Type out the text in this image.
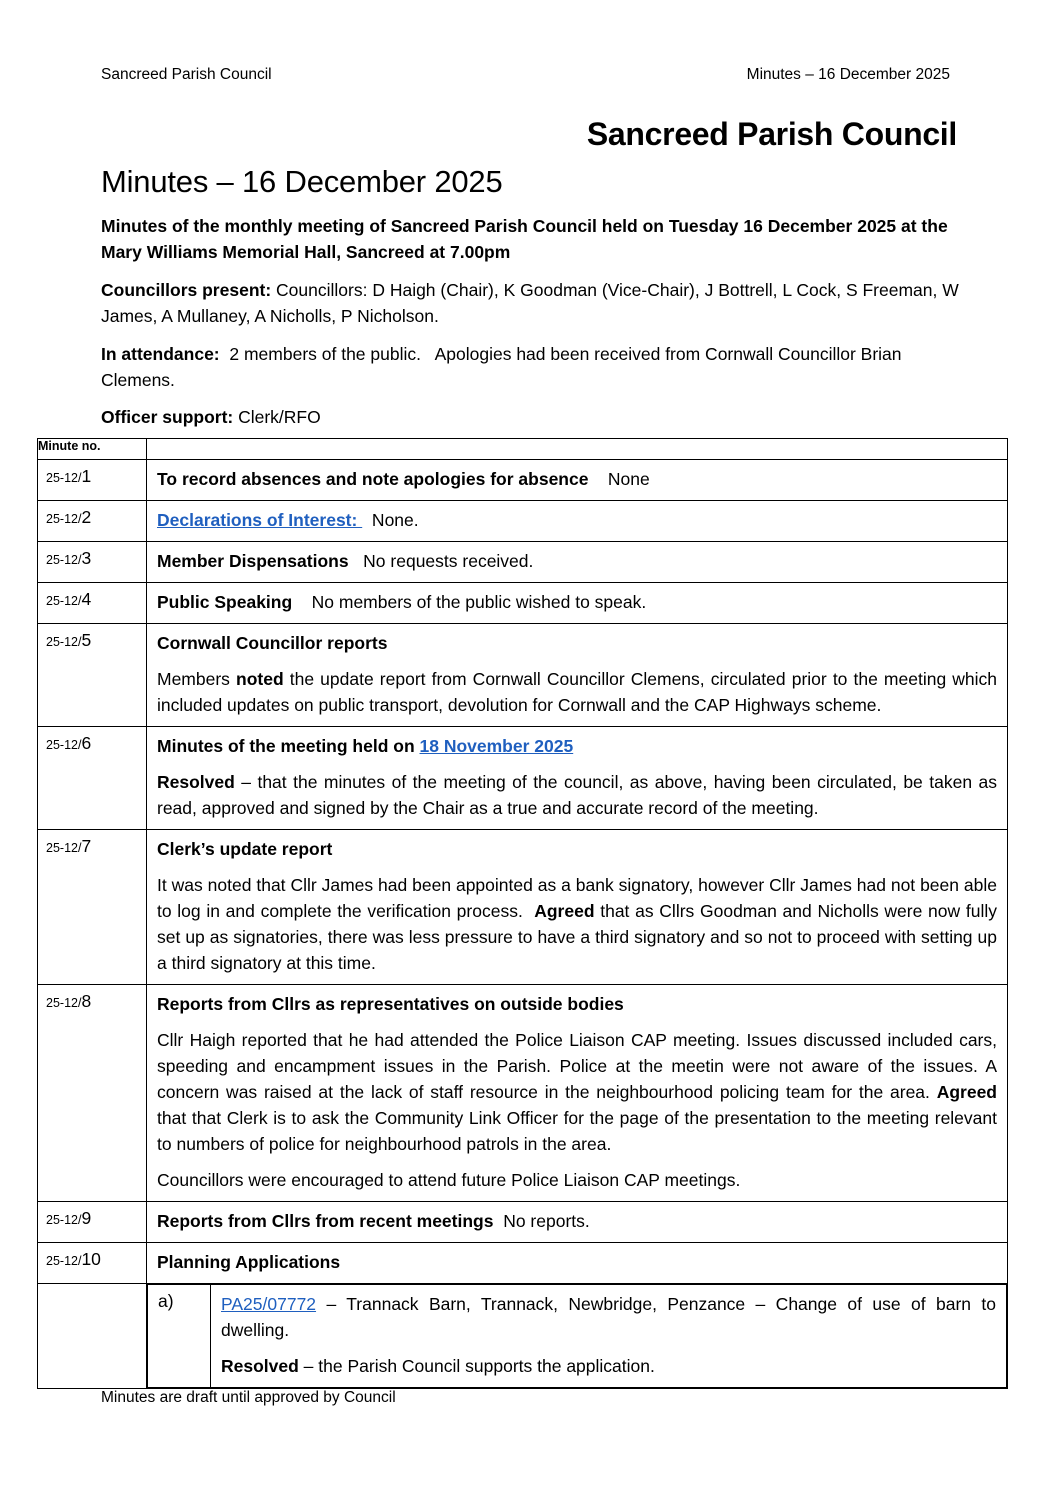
Sancreed Parish Council	Minutes – 16 December 2025
Sancreed Parish Council
Minutes – 16 December 2025

Minutes of the monthly meeting of Sancreed Parish Council held on Tuesday 16 December 2025 at the Mary Williams Memorial Hall, Sancreed at 7.00pm

Councillors present: Councillors: D Haigh (Chair), K Goodman (Vice-Chair), J Bottrell, L Cock, S Freeman, W James, A Mullaney, A Nicholls, P Nicholson.

In attendance:  2 members of the public.   Apologies had been received from Cornwall Councillor Brian Clemens.

Officer support: Clerk/RFO

Minute no.	
25-12/1	To record absences and note apologies for absence    None

25-12/2	Declarations of Interest:   None.

25-12/3	Member Dispensations   No requests received.

25-12/4	Public Speaking    No members of the public wished to speak.

25-12/5	Cornwall Councillor reports

Members noted the update report from Cornwall Councillor Clemens, circulated prior to the meeting which included updates on public transport, devolution for Cornwall and the CAP Highways scheme.

25-12/6	Minutes of the meeting held on 18 November 2025

Resolved – that the minutes of the meeting of the council, as above, having been circulated, be taken as read, approved and signed by the Chair as a true and accurate record of the meeting.

25-12/7	Clerk’s update report

It was noted that Cllr James had been appointed as a bank signatory, however Cllr James had not been able to log in and complete the verification process.  Agreed that as Cllrs Goodman and Nicholls were now fully set up as signatories, there was less pressure to have a third signatory and so not to proceed with setting up a third signatory at this time.

25-12/8	Reports from Cllrs as representatives on outside bodies

Cllr Haigh reported that he had attended the Police Liaison CAP meeting. Issues discussed included cars, speeding and encampment issues in the Parish. Police at the meetin were not aware of the issues. A concern was raised at the lack of staff resource in the neighbourhood policing team for the area. Agreed that that Clerk is to ask the Community Link Officer for the page of the presentation to the meeting relevant to numbers of police for neighbourhood patrols in the area.

Councillors were encouraged to attend future Police Liaison CAP meetings.

25-12/9	Reports from Cllrs from recent meetings  No reports.

25-12/10	Planning Applications

a)	PA25/07772 – Trannack Barn, Trannack, Newbridge, Penzance – Change of use of barn to dwelling.

Resolved – the Parish Council supports the application.

Minutes are draft until approved by Council
